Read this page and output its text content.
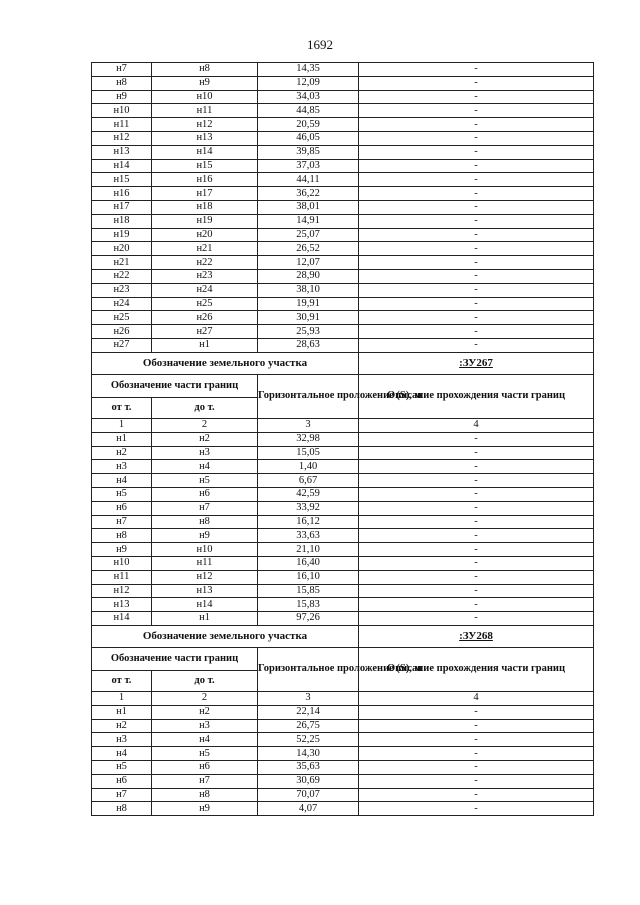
1692
н7	н8	14,35	-
н8	н9	12,09	-
н9	н10	34,03	-
н10	н11	44,85	-
н11	н12	20,59	-
н12	н13	46,05	-
н13	н14	39,85	-
н14	н15	37,03	-
н15	н16	44,11	-
н16	н17	36,22	-
н17	н18	38,01	-
н18	н19	14,91	-
н19	н20	25,07	-
н20	н21	26,52	-
н21	н22	12,07	-
н22	н23	28,90	-
н23	н24	38,10	-
н24	н25	19,91	-
н25	н26	30,91	-
н26	н27	25,93	-
н27	н1	28,63	-
Обозначение земельного участка			:ЗУ267
Обозначение части границ		Горизонтальное проложение (S), м	Описание прохождения части границ
от т.	до т.		
1	2	3	4
н1	н2	32,98	-
н2	н3	15,05	-
н3	н4	1,40	-
н4	н5	6,67	-
н5	н6	42,59	-
н6	н7	33,92	-
н7	н8	16,12	-
н8	н9	33,63	-
н9	н10	21,10	-
н10	н11	16,40	-
н11	н12	16,10	-
н12	н13	15,85	-
н13	н14	15,83	-
н14	н1	97,26	-
Обозначение земельного участка			:ЗУ268
Обозначение части границ		Горизонтальное проложение (S), м	Описание прохождения части границ
от т.	до т.		
1	2	3	4
н1	н2	22,14	-
н2	н3	26,75	-
н3	н4	52,25	-
н4	н5	14,30	-
н5	н6	35,63	-
н6	н7	30,69	-
н7	н8	70,07	-
н8	н9	4,07	-
